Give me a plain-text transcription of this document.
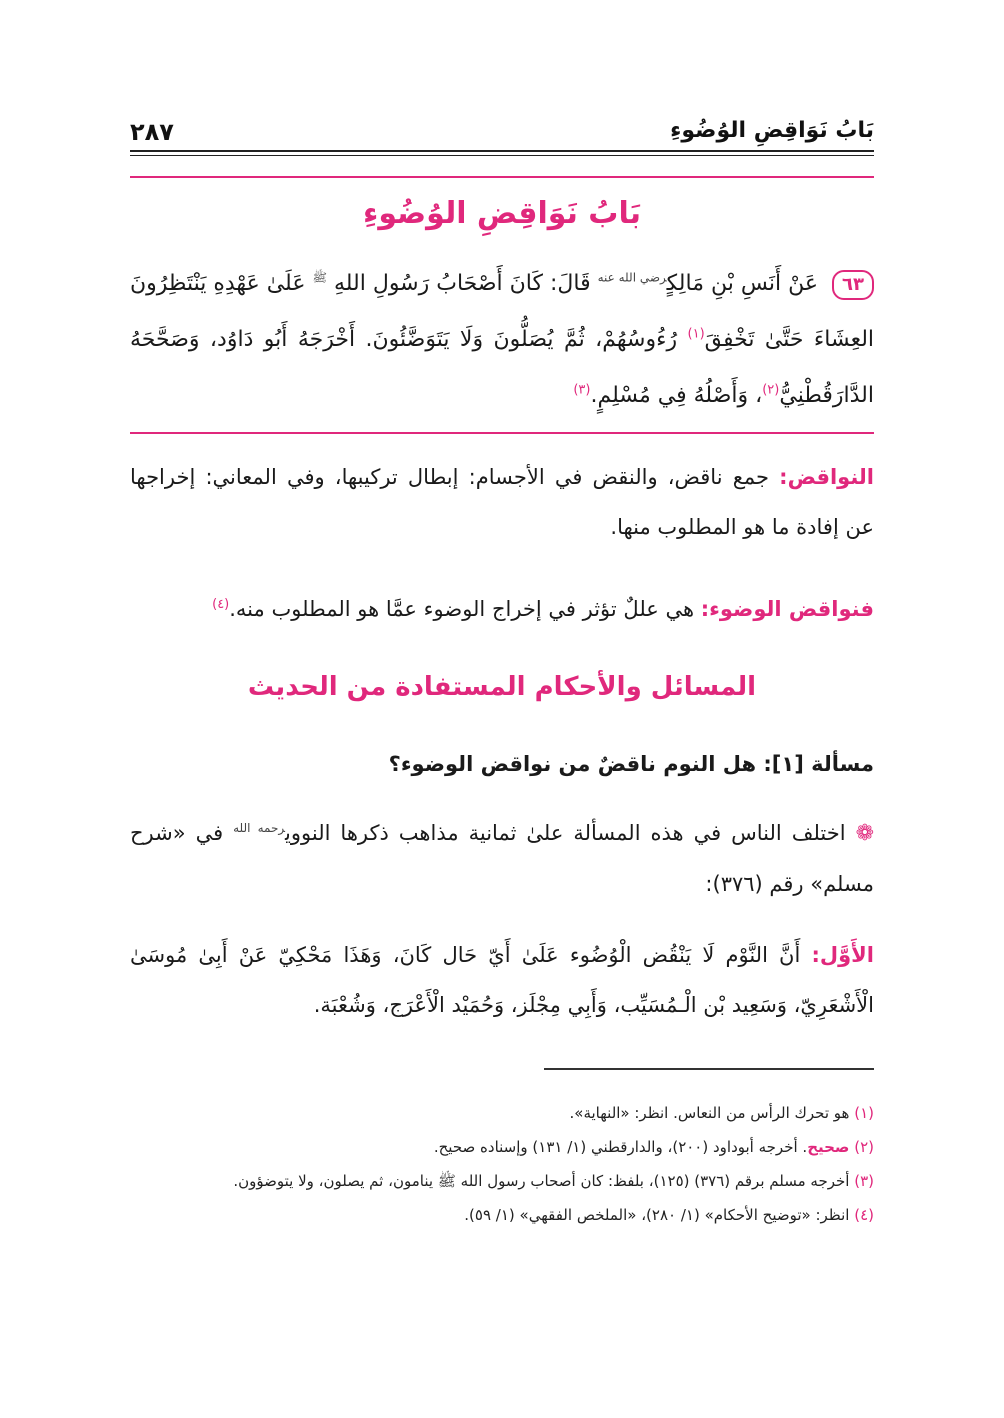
بَابُ نَوَاقِضِ الوُضُوءِ
٢٨٧
بَابُ نَوَاقِضِ الوُضُوءِ
٦٣عَنْ أَنَسِ بْنِ مَالِكٍ$^{رضي الله عنه}$ قَالَ: كَانَ أَصْحَابُ رَسُولِ اللهِ $^ﷺ$ عَلَىٰ عَهْدِهِ يَنْتَظِرُونَ العِشَاءَ حَتَّىٰ تَخْفِقَ$^{(١)}$ رُءُوسُهُمْ، ثُمَّ يُصَلُّونَ وَلَا يَتَوَضَّئُونَ. أَخْرَجَهُ أَبُو دَاوُد، وَصَحَّحَهُ الدَّارَقُطْنِيُّ$^{(٢)}$، وَأَصْلُهُ فِي مُسْلِمٍ.$^{(٣)}$
النواقض: جمع ناقض، والنقض في الأجسام: إبطال تركيبها، وفي المعاني: إخراجها عن إفادة ما هو المطلوب منها.
فنواقض الوضوء: هي عللٌ تؤثر في إخراج الوضوء عمَّا هو المطلوب منه.$^{(٤)}$
المسائل والأحكام المستفادة من الحديث
مسألة [١]: هل النوم ناقضٌ من نواقض الوضوء؟
❁اختلف الناس في هذه المسألة علىٰ ثمانية مذاهب ذكرها النووي$^{رحمه الله}$ في «شرح مسلم» رقم (٣٧٦):
الأَوَّل: أَنَّ النَّوْم لَا يَنْقُض الْوُضُوء عَلَىٰ أَيّ حَال كَانَ، وَهَذَا مَحْكِيّ عَنْ أَبِىٰ مُوسَىٰ الْأَشْعَرِيّ، وَسَعِيد بْن الْـمُسَيِّب، وَأَبِي مِجْلَز، وَحُمَيْد الْأَعْرَج، وَشُعْبَة.

(١) هو تحرك الرأس من النعاس. انظر: «النهاية».

(٢) صحيح. أخرجه أبوداود (٢٠٠)، والدارقطني (١/ ١٣١) وإسناده صحيح.

(٣) أخرجه مسلم برقم (٣٧٦) (١٢٥)، بلفظ: كان أصحاب رسول الله ﷺ ينامون، ثم يصلون، ولا يتوضؤون.

(٤) انظر: «توضيح الأحكام» (١/ ٢٨٠)، «الملخص الفقهي» (١/ ٥٩).
